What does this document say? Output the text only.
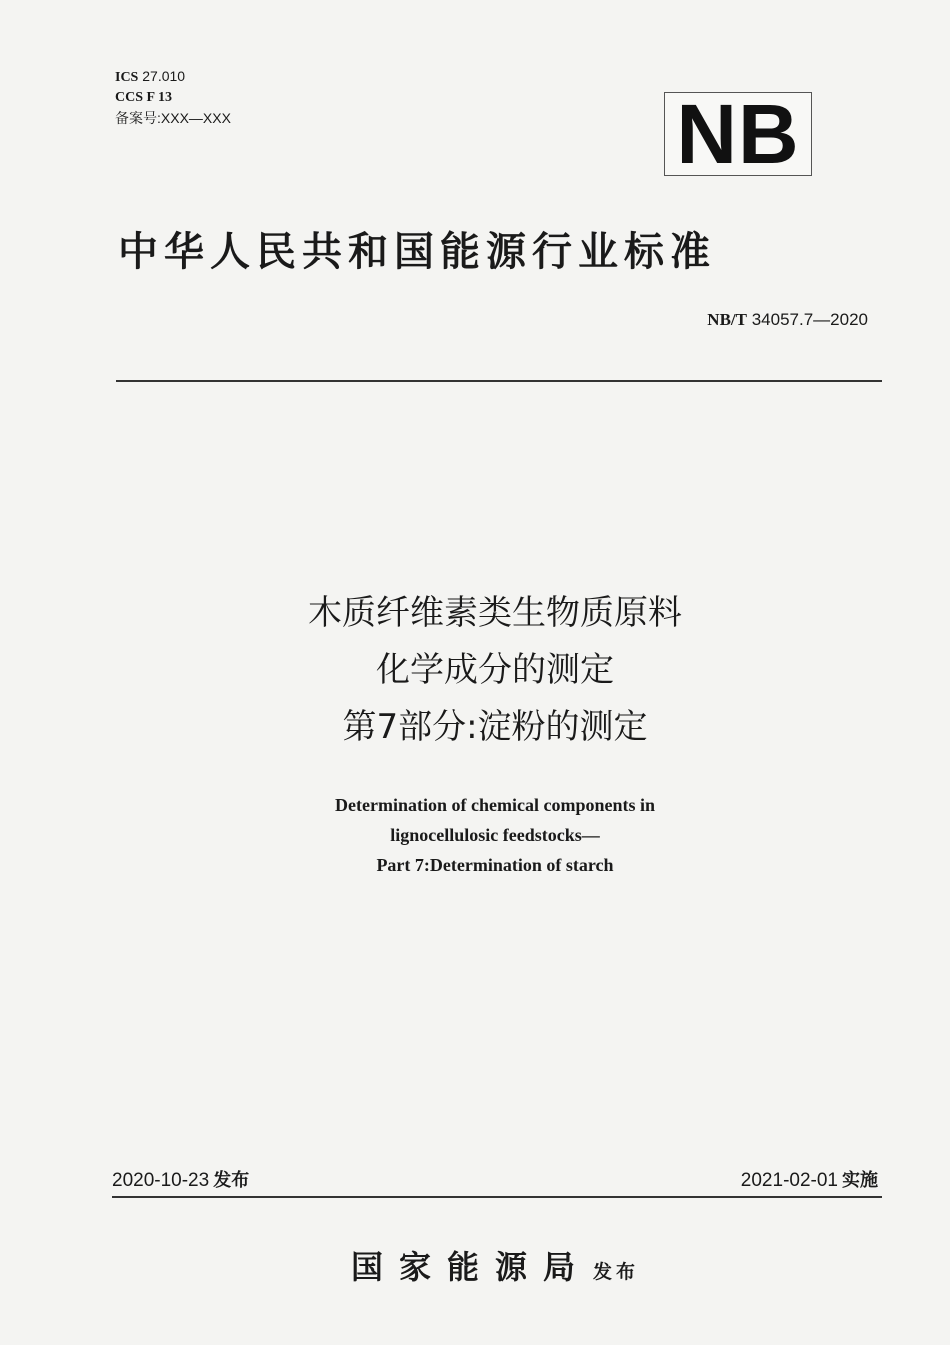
ICS 27.010
CCS F 13
备案号:XXX—XXX	NB
中华人民共和国能源行业标准
NB/T 34057.7—2020
木质纤维素类生物质原料
化学成分的测定
第7部分:淀粉的测定
Determination of chemical components in
lignocellulosic feedstocks—
Part 7:Determination of starch
2020-10-23 发布	2021-02-01 实施
国家能源局 发布
